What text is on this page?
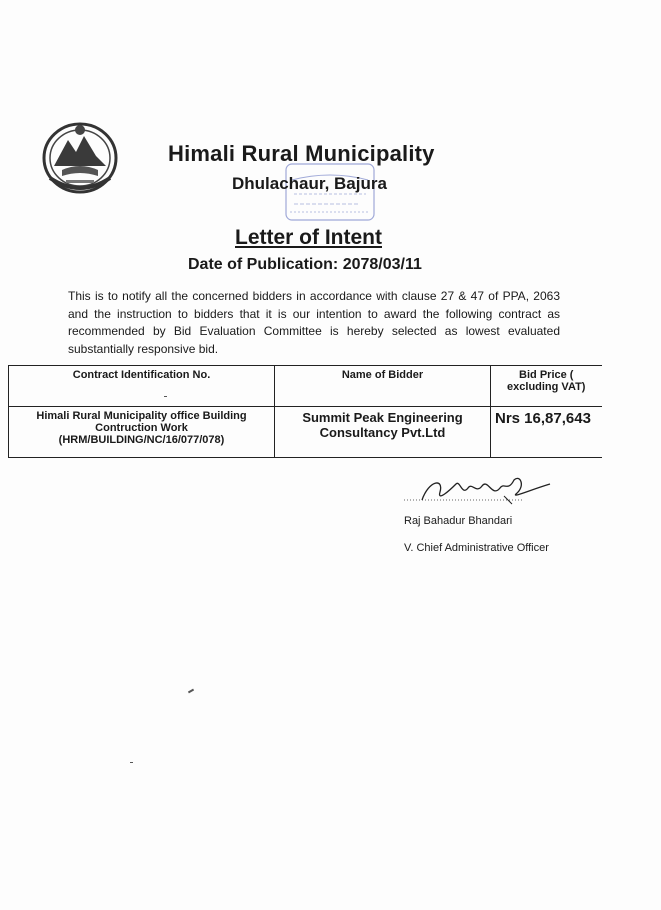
Himali Rural Municipality
Dhulachaur, Bajura
Letter of Intent
Date of Publication: 2078/03/11
This is to notify all the concerned bidders in accordance with clause 27 & 47 of PPA, 2063 and the instruction to bidders that it is our intention to award the following contract as recommended by Bid Evaluation Committee is hereby selected as lowest evaluated substantially responsive bid.
Contract Identification No.	Name of Bidder	Bid Price ( excluding VAT)
Himali Rural Municipality office Building Contruction Work (HRM/BUILDING/NC/16/077/078)	Summit Peak Engineering Consultancy Pvt.Ltd	Nrs 16,87,643
Raj Bahadur Bhandari
V. Chief Administrative Officer
